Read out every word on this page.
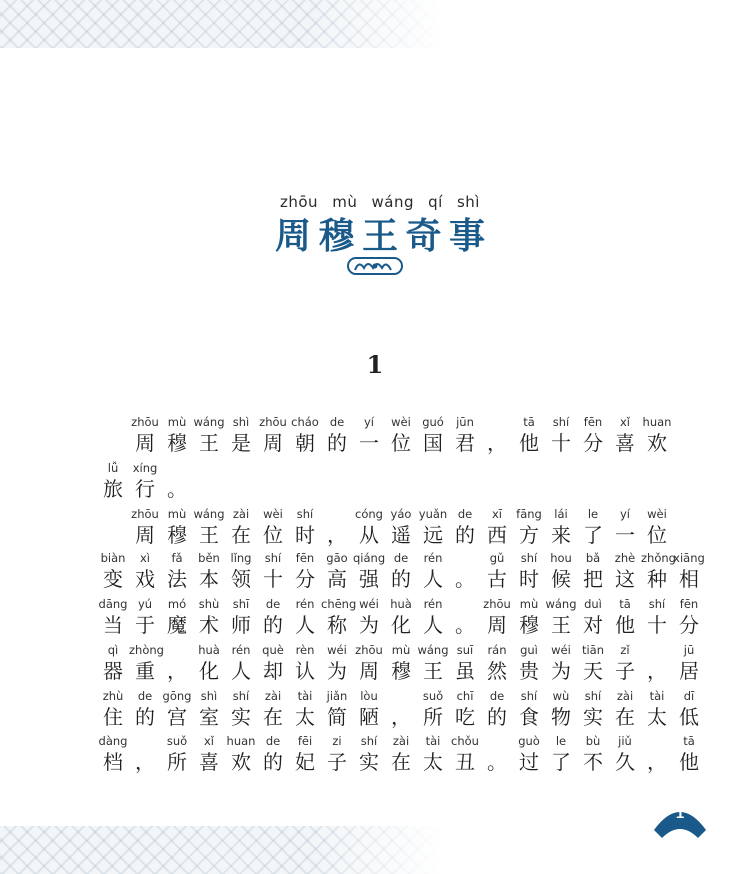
zhōu mù wáng qí shì
周 穆 王 奇 事
1
zhōu
周
mù
穆
wáng
王
shì
是
zhōu
周
cháo
朝
de
的
yí
一
wèi
位
guó
国
jūn
君 ，
tā
他
shí
十
fēn
分
xǐ
喜
huan
欢
lǚ
旅
xíng
行 。
zhōu
周
mù
穆
wáng
王
zài
在
wèi
位
shí
时 ，
cóng
从
yáo
遥
yuǎn
远
de
的
xī
西
fāng
方
lái
来
le
了
yí
一
wèi
位
biàn
变
xì
戏
fǎ
法
běn
本
lǐng
领
shí
十
fēn
分
gāo
高
qiáng
强
de
的
rén
人 。
gǔ
古
shí
时
hou
候
bǎ
把
zhè
这
zhǒng
种
xiāng
相
dāng
当
yú
于
mó
魔
shù
术
shī
师
de
的
rén
人
chēng
称
wéi
为
huà
化
rén
人 。
zhōu
周
mù
穆
wáng
王
duì
对
tā
他
shí
十
fēn
分
qì
器
zhòng
重 ，
huà
化
rén
人
què
却
rèn
认
wéi
为
zhōu
周
mù
穆
wáng
王
suī
虽
rán
然
guì
贵
wéi
为
tiān
天
zǐ
子 ，
jū
居
zhù
住
de
的
gōng
宫
shì
室
shí
实
zài
在
tài
太
jiǎn
简
lòu
陋 ，
suǒ
所
chī
吃
de
的
shí
食
wù
物
shí
实
zài
在
tài
太
dī
低
dàng
档 ，
suǒ
所
xǐ
喜
huan
欢
de
的
fēi
妃
zi
子
shí
实
zài
在
tài
太
chǒu
丑 。
guò
过
le
了
bù
不
jiǔ
久 ，
tā
他
1
